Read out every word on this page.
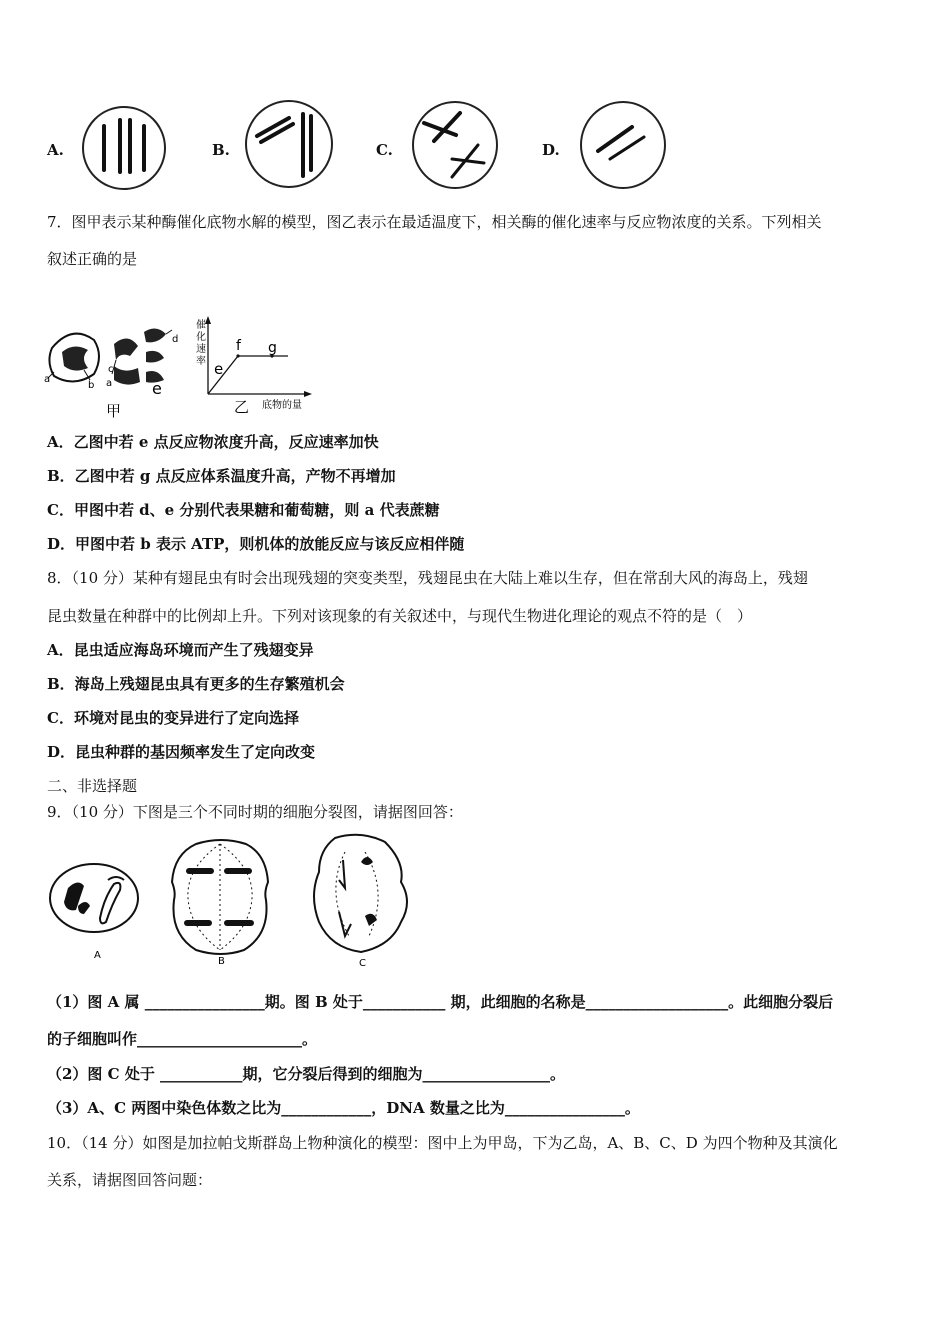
A.	B.	C.	D.
7．图甲表示某种酶催化底物水解的模型，图乙表示在最适温度下，相关酶的催化速率与反应物浓度的关系。下列相关
叙述正确的是
a
b a
c
d
e
甲
催
化
速
率 e
f g
乙 底物的量
A．乙图中若 e 点反应物浓度升高，反应速率加快
B．乙图中若 g 点反应体系温度升高，产物不再增加
C．甲图中若 d、e 分别代表果糖和葡萄糖，则 a 代表蔗糖
D．甲图中若 b 表示 ATP，则机体的放能反应与该反应相伴随
8．（10 分）某种有翅昆虫有时会出现残翅的突变类型，残翅昆虫在大陆上难以生存，但在常刮大风的海岛上，残翅
昆虫数量在种群中的比例却上升。下列对该现象的有关叙述中，与现代生物进化理论的观点不符的是（　）
A．昆虫适应海岛环境而产生了残翅变异
B．海岛上残翅昆虫具有更多的生存繁殖机会
C．环境对昆虫的变异进行了定向选择
D．昆虫种群的基因频率发生了定向改变
二、非选择题
9．（10 分）下图是三个不同时期的细胞分裂图，请据图回答：
A
B	C
（1）图 A 属 ________________期。图 B 处于___________ 期，此细胞的名称是___________________。此细胞分裂后
的子细胞叫作______________________。
（2）图 C 处于 ___________期，它分裂后得到的细胞为_________________。
（3）A、C 两图中染色体数之比为____________，DNA 数量之比为________________。
10．（14 分）如图是加拉帕戈斯群岛上物种演化的模型：图中上为甲岛，下为乙岛，A、B、C、D 为四个物种及其演化
关系，请据图回答问题：
